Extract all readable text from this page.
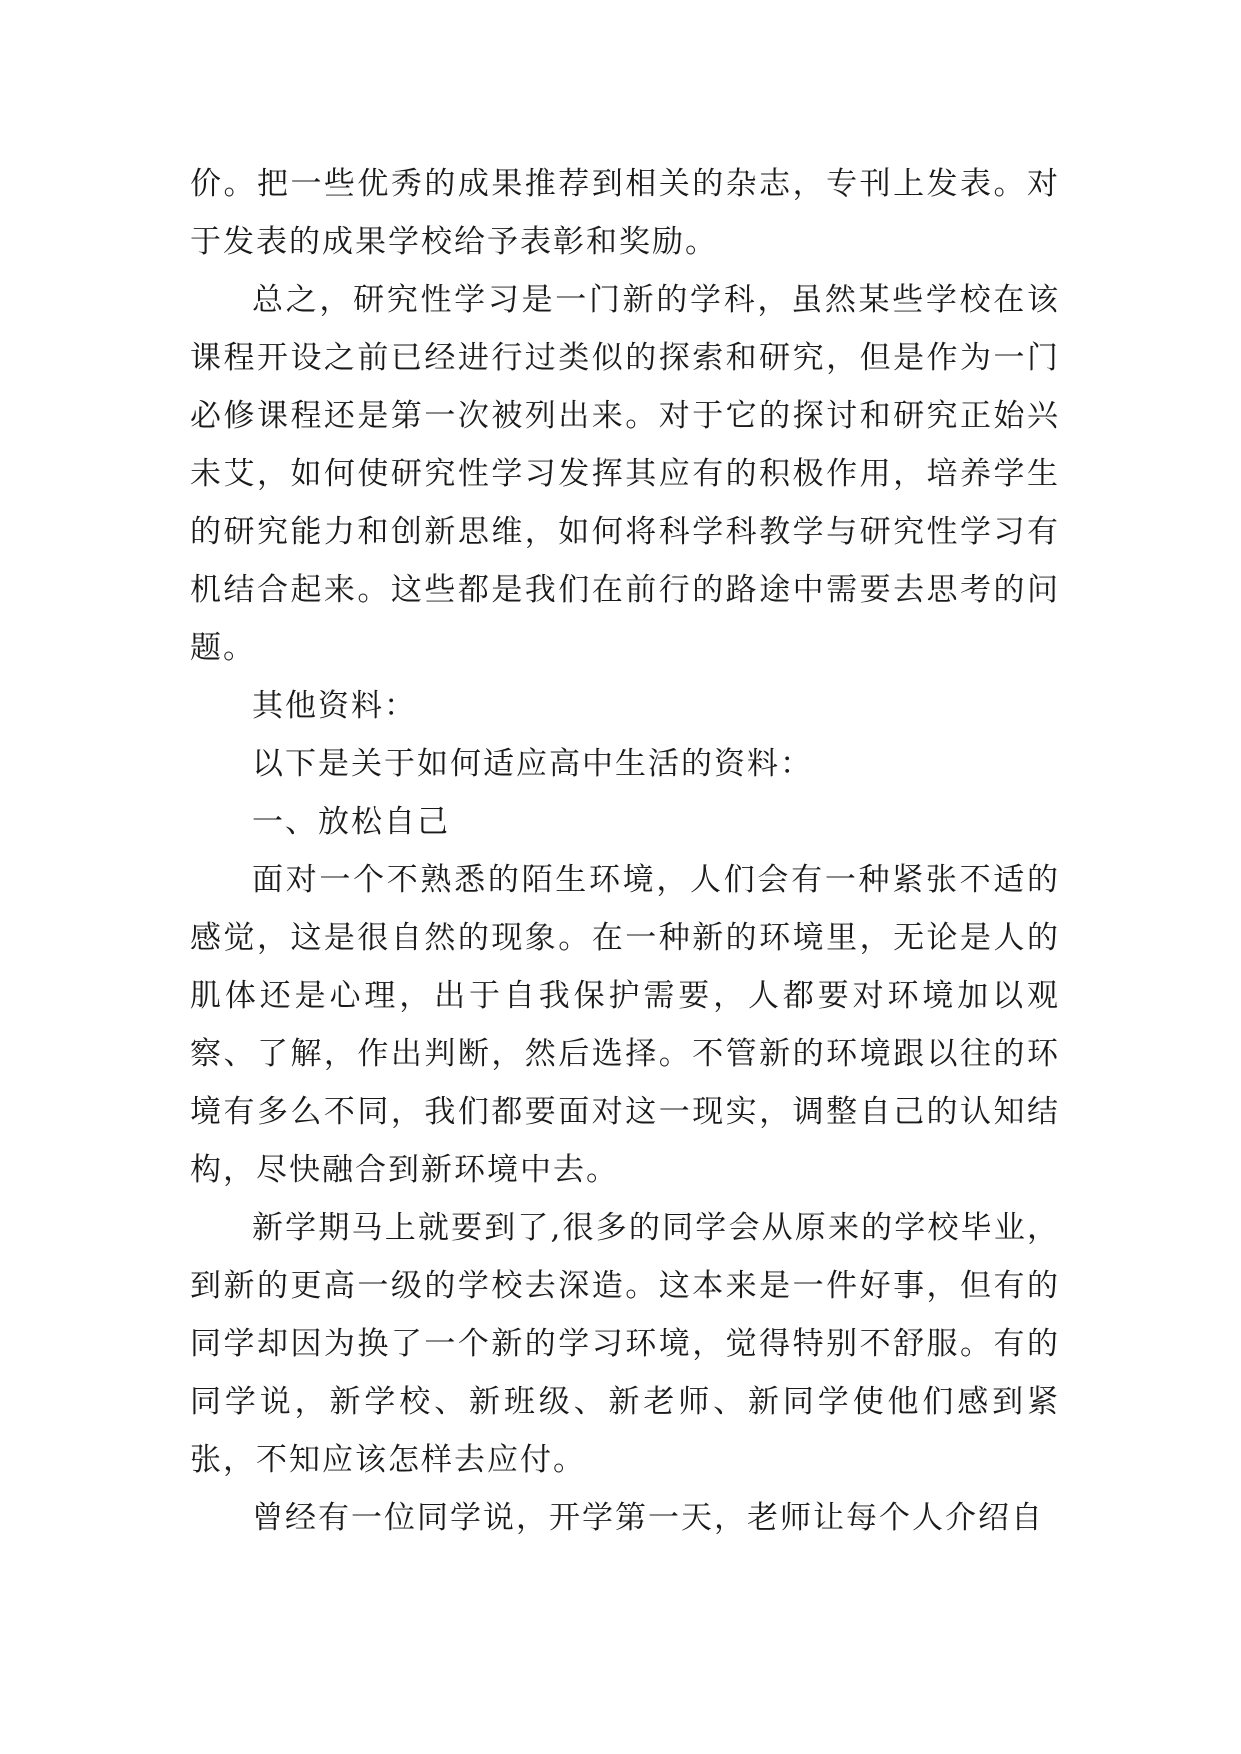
价。把一些优秀的成果推荐到相关的杂志，专刊上发表。对于发表的成果学校给予表彰和奖励。

总之，研究性学习是一门新的学科，虽然某些学校在该课程开设之前已经进行过类似的探索和研究，但是作为一门必修课程还是第一次被列出来。对于它的探讨和研究正始兴未艾，如何使研究性学习发挥其应有的积极作用，培养学生的研究能力和创新思维，如何将科学科教学与研究性学习有机结合起来。这些都是我们在前行的路途中需要去思考的问题。

其他资料：

以下是关于如何适应高中生活的资料：

一、放松自己

面对一个不熟悉的陌生环境，人们会有一种紧张不适的感觉，这是很自然的现象。在一种新的环境里，无论是人的肌体还是心理，出于自我保护需要，人都要对环境加以观察、了解，作出判断，然后选择。不管新的环境跟以往的环境有多么不同，我们都要面对这一现实，调整自己的认知结构，尽快融合到新环境中去。

新学期马上就要到了,很多的同学会从原来的学校毕业，到新的更高一级的学校去深造。这本来是一件好事，但有的同学却因为换了一个新的学习环境，觉得特别不舒服。有的同学说，新学校、新班级、新老师、新同学使他们感到紧张，不知应该怎样去应付。

曾经有一位同学说，开学第一天，老师让每个人介绍自
